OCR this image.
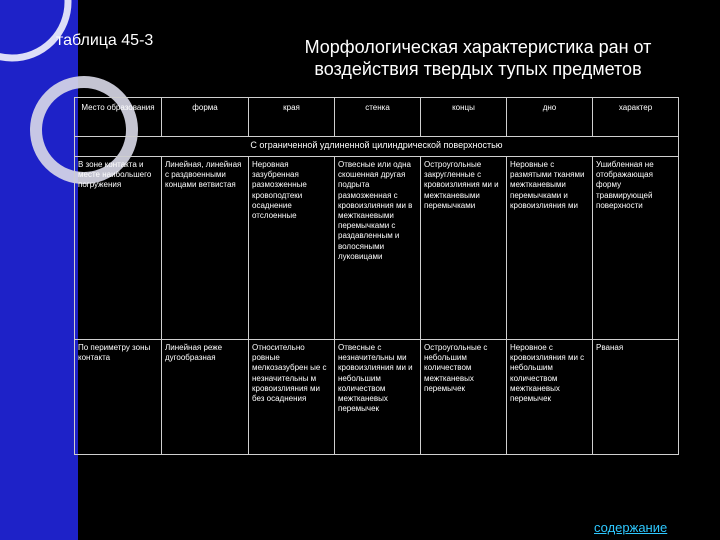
таблица 45-3	Морфологическая характеристика ран от воздействия твердых тупых предметов
Место образования	форма	края	стенка	концы	дно	характер
С ограниченной удлиненной цилиндрической поверхностью						
В зоне контакта и месте наибольшего погружения	Линейная, линейная с раздвоенными концами ветвистая	Неровная зазубренная размозженные кровоподтеки осаднение отслоенные	Отвесные или одна скошенная другая подрыта размозженная с кровоизлияния ми в межтканевыми перемычками с раздавленным и волосяными луковицами	Остроугольные закругленные с кровоизлияния ми и межтканевыми перемычками	Неровные с размятыми тканями межтканевыми перемычками и кровоизлияния ми	Ушибленная не отображающая форму травмирующей поверхности
По периметру зоны контакта	Линейная реже дугообразная	Относительно ровные мелкозазубрен ые с незначительны м кровоизлияния ми без осаднения	Отвесные с незначительны ми кровоизлияния ми и небольшим количеством межтканевых перемычек	Остроугольные с небольшим количеством межтканевых перемычек	Неровное с кровоизлияния ми с небольшим количеством межтканевых перемычек	Рваная
содержание
